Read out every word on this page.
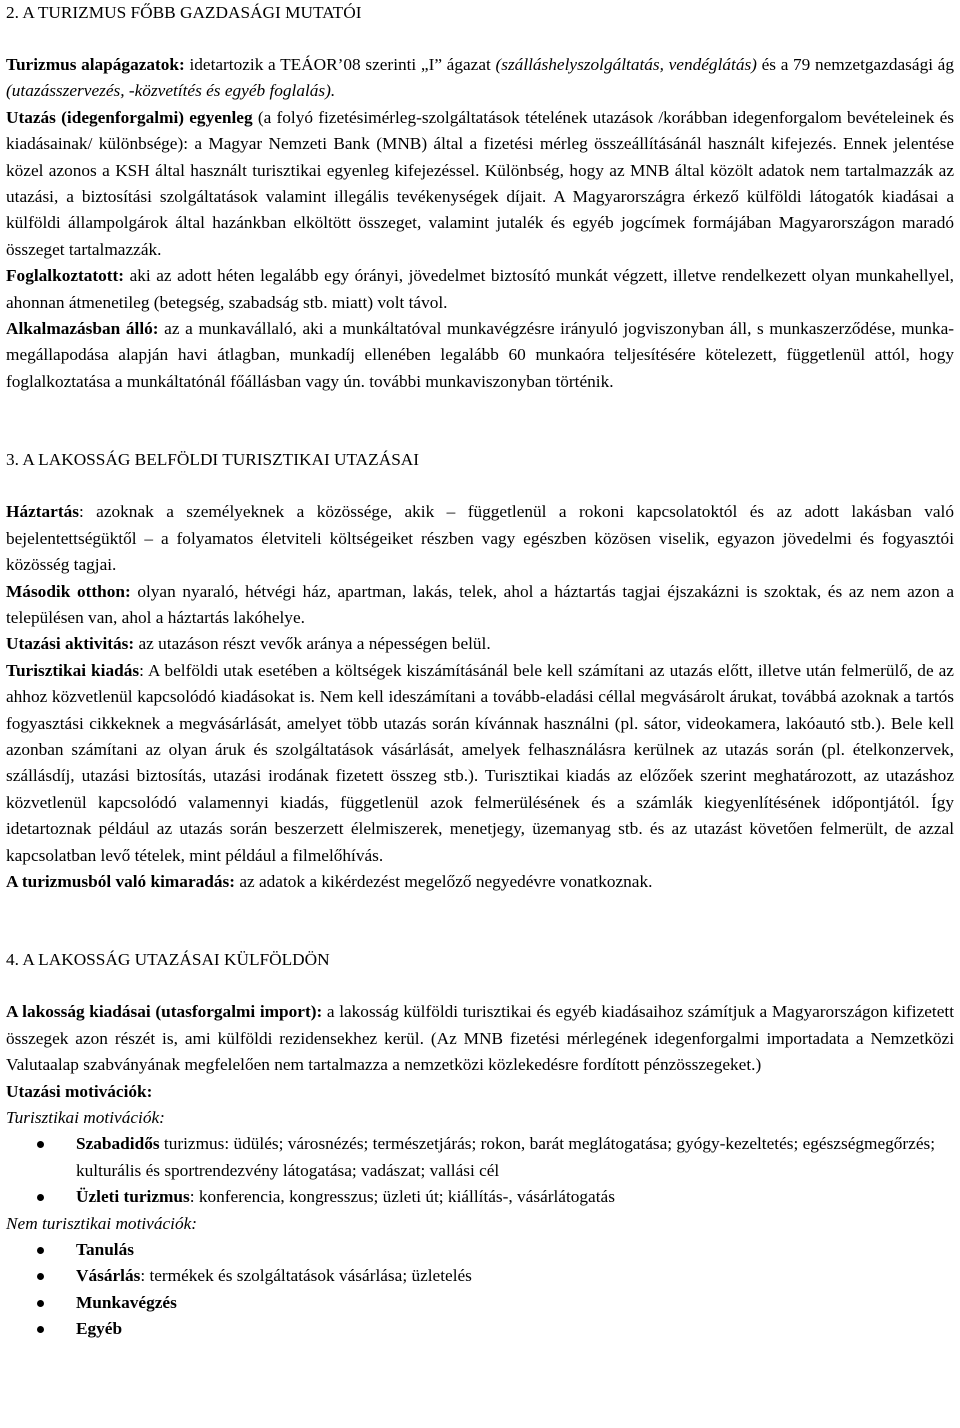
2. A TURIZMUS FŐBB GAZDASÁGI MUTATÓI

Turizmus alapágazatok: idetartozik a TEÁOR’08 szerinti „I” ágazat (szálláshelyszolgáltatás, vendéglátás) és a 79 nemzetgazdasági ág (utazásszervezés, -közvetítés és egyéb foglalás).

Utazás (idegenforgalmi) egyenleg (a folyó fizetésimérleg-szolgáltatások tételének utazások /korábban idegenforgalom bevételeinek és kiadásainak/ különbsége): a Magyar Nemzeti Bank (MNB) által a fizetési mérleg összeállításánál használt kifejezés. Ennek jelentése közel azonos a KSH által használt turisztikai egyenleg kifejezéssel. Különbség, hogy az MNB által közölt adatok nem tartalmazzák az utazási, a biztosítási szolgáltatások valamint illegális tevékenységek díjait. A Magyarországra érkező külföldi látogatók kiadásai a külföldi állampolgárok által hazánkban elköltött összeget, valamint jutalék és egyéb jogcímek formájában Magyarországon maradó összeget tartalmazzák.

Foglalkoztatott: aki az adott héten legalább egy órányi, jövedelmet biztosító munkát végzett, illetve rendelkezett olyan munkahellyel, ahonnan átmenetileg (betegség, szabadság stb. miatt) volt távol.

Alkalmazásban álló: az a munkavállaló, aki a munkáltatóval munkavégzésre irányuló jogviszonyban áll, s munkaszerződése, munka-megállapodása alapján havi átlagban, munkadíj ellenében legalább 60 munkaóra teljesítésére kötelezett, függetlenül attól, hogy foglalkoztatása a munkáltatónál főállásban vagy ún. további munkaviszonyban történik.

3. A LAKOSSÁG BELFÖLDI TURISZTIKAI UTAZÁSAI

Háztartás: azoknak a személyeknek a közössége, akik ‒ függetlenül a rokoni kapcsolatoktól és az adott lakásban való bejelentettségüktől ‒ a folyamatos életviteli költségeiket részben vagy egészben közösen viselik, egyazon jövedelmi és fogyasztói közösség tagjai.

Második otthon: olyan nyaraló, hétvégi ház, apartman, lakás, telek, ahol a háztartás tagjai éjszakázni is szoktak, és az nem azon a településen van, ahol a háztartás lakóhelye.

Utazási aktivitás: az utazáson részt vevők aránya a népességen belül.

Turisztikai kiadás: A belföldi utak esetében a költségek kiszámításánál bele kell számítani az utazás előtt, illetve után felmerülő, de az ahhoz közvetlenül kapcsolódó kiadásokat is. Nem kell ideszámítani a tovább-eladási céllal megvásárolt árukat, továbbá azoknak a tartós fogyasztási cikkeknek a megvásárlását, amelyet több utazás során kívánnak használni (pl. sátor, videokamera, lakóautó stb.). Bele kell azonban számítani az olyan áruk és szolgáltatások vásárlását, amelyek felhasználásra kerülnek az utazás során (pl. ételkonzervek, szállásdíj, utazási biztosítás, utazási irodának fizetett összeg stb.). Turisztikai kiadás az előzőek szerint meghatározott, az utazáshoz közvetlenül kapcsolódó valamennyi kiadás, függetlenül azok felmerülésének és a számlák kiegyenlítésének időpontjától. Így idetartoznak például az utazás során beszerzett élelmiszerek, menetjegy, üzemanyag stb. és az utazást követően felmerült, de azzal kapcsolatban levő tételek, mint például a filmelőhívás.

A turizmusból való kimaradás: az adatok a kikérdezést megelőző negyedévre vonatkoznak.

4. A LAKOSSÁG UTAZÁSAI KÜLFÖLDÖN

A lakosság kiadásai (utasforgalmi import): a lakosság külföldi turisztikai és egyéb kiadásaihoz számítjuk a Magyarországon kifizetett összegek azon részét is, ami külföldi rezidensekhez kerül. (Az MNB fizetési mérlegének idegenforgalmi importadata a Nemzetközi Valutaalap szabványának megfelelően nem tartalmazza a nemzetközi közlekedésre fordított pénzösszegeket.)

Utazási motivációk:

Turisztikai motivációk:

Szabadidős turizmus: üdülés; városnézés; természetjárás; rokon, barát meglátogatása; gyógy-kezeltetés; egészségmegőrzés; kulturális és sportrendezvény látogatása; vadászat; vallási cél
Üzleti turizmus: konferencia, kongresszus; üzleti út; kiállítás-, vásárlátogatás

Nem turisztikai motivációk:

Tanulás
Vásárlás: termékek és szolgáltatások vásárlása; üzletelés
Munkavégzés
Egyéb
